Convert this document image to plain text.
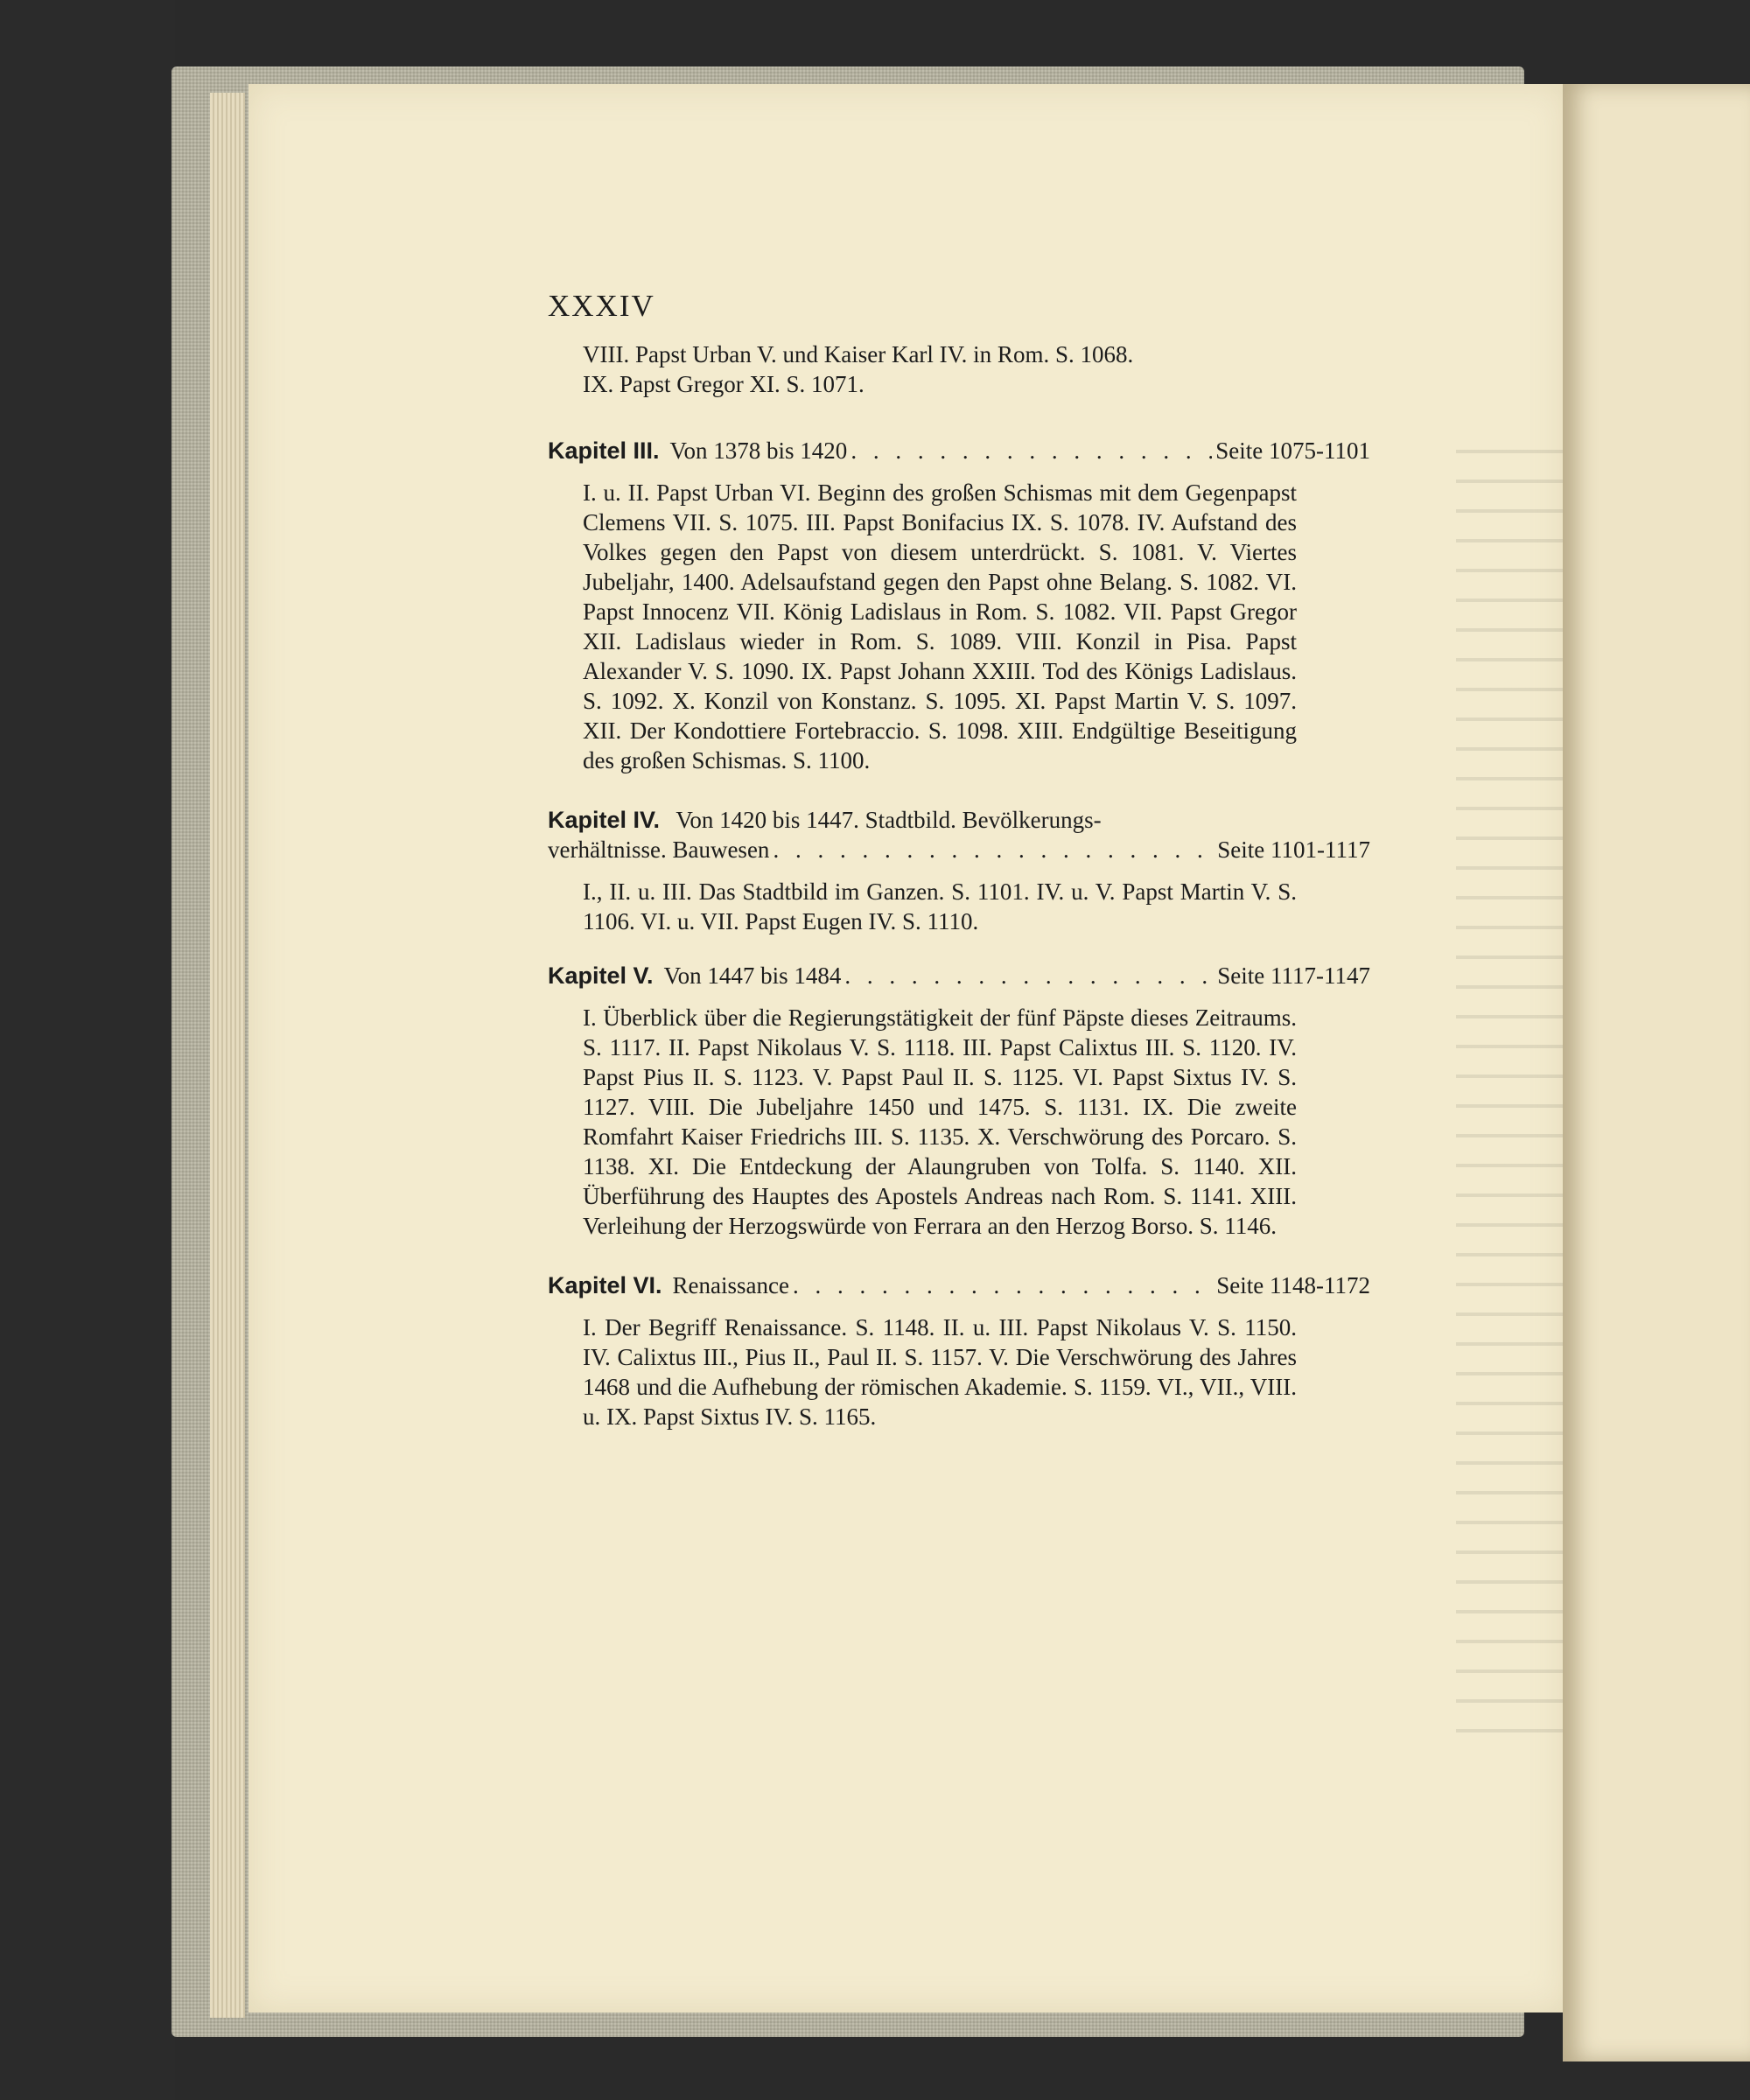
XXXIV
VIII. Papst Urban V. und Kaiser Karl IV. in Rom. S. 1068.
IX. Papst Gregor XI. S. 1071.
Kapitel III. Von 1378 bis 1420 . . .	Seite 1075-1101
I. u. II. Papst Urban VI. Beginn des großen Schismas mit dem Gegenpapst Clemens VII. S. 1075. III. Papst Bonifacius IX. S. 1078. IV. Aufstand des Volkes gegen den Papst von diesem unterdrückt. S. 1081. V. Viertes Jubeljahr, 1400. Adelsaufstand gegen den Papst ohne Belang. S. 1082. VI. Papst Innocenz VII. König Ladislaus in Rom. S. 1082. VII. Papst Gregor XII. Ladislaus wieder in Rom. S. 1089. VIII. Konzil in Pisa. Papst Alexander V. S. 1090. IX. Papst Johann XXIII. Tod des Königs Ladislaus. S. 1092. X. Konzil von Konstanz. S. 1095. XI. Papst Martin V. S. 1097. XII. Der Kondottiere Fortebraccio. S. 1098. XIII. Endgültige Beseitigung des großen Schismas. S. 1100.
Kapitel IV. Von 1420 bis 1447. Stadtbild. Bevölkerungs-
verhältnisse. Bauwesen . . .	Seite 1101-1117
I., II. u. III. Das Stadtbild im Ganzen. S. 1101. IV. u. V. Papst Martin V. S. 1106. VI. u. VII. Papst Eugen IV. S. 1110.
Kapitel V. Von 1447 bis 1484 . . .	Seite 1117-1147
I. Überblick über die Regierungstätigkeit der fünf Päpste dieses Zeitraums. S. 1117. II. Papst Nikolaus V. S. 1118. III. Papst Calixtus III. S. 1120. IV. Papst Pius II. S. 1123. V. Papst Paul II. S. 1125. VI. Papst Sixtus IV. S. 1127. VIII. Die Jubeljahre 1450 und 1475. S. 1131. IX. Die zweite Romfahrt Kaiser Friedrichs III. S. 1135. X. Verschwörung des Porcaro. S. 1138. XI. Die Entdeckung der Alaungruben von Tolfa. S. 1140. XII. Überführung des Hauptes des Apostels Andreas nach Rom. S. 1141. XIII. Verleihung der Herzogswürde von Ferrara an den Herzog Borso. S. 1146.
Kapitel VI. Renaissance . . .	Seite 1148-1172
I. Der Begriff Renaissance. S. 1148. II. u. III. Papst Nikolaus V. S. 1150. IV. Calixtus III., Pius II., Paul II. S. 1157. V. Die Verschwörung des Jahres 1468 und die Aufhebung der römischen Akademie. S. 1159. VI., VII., VIII. u. IX. Papst Sixtus IV. S. 1165.
